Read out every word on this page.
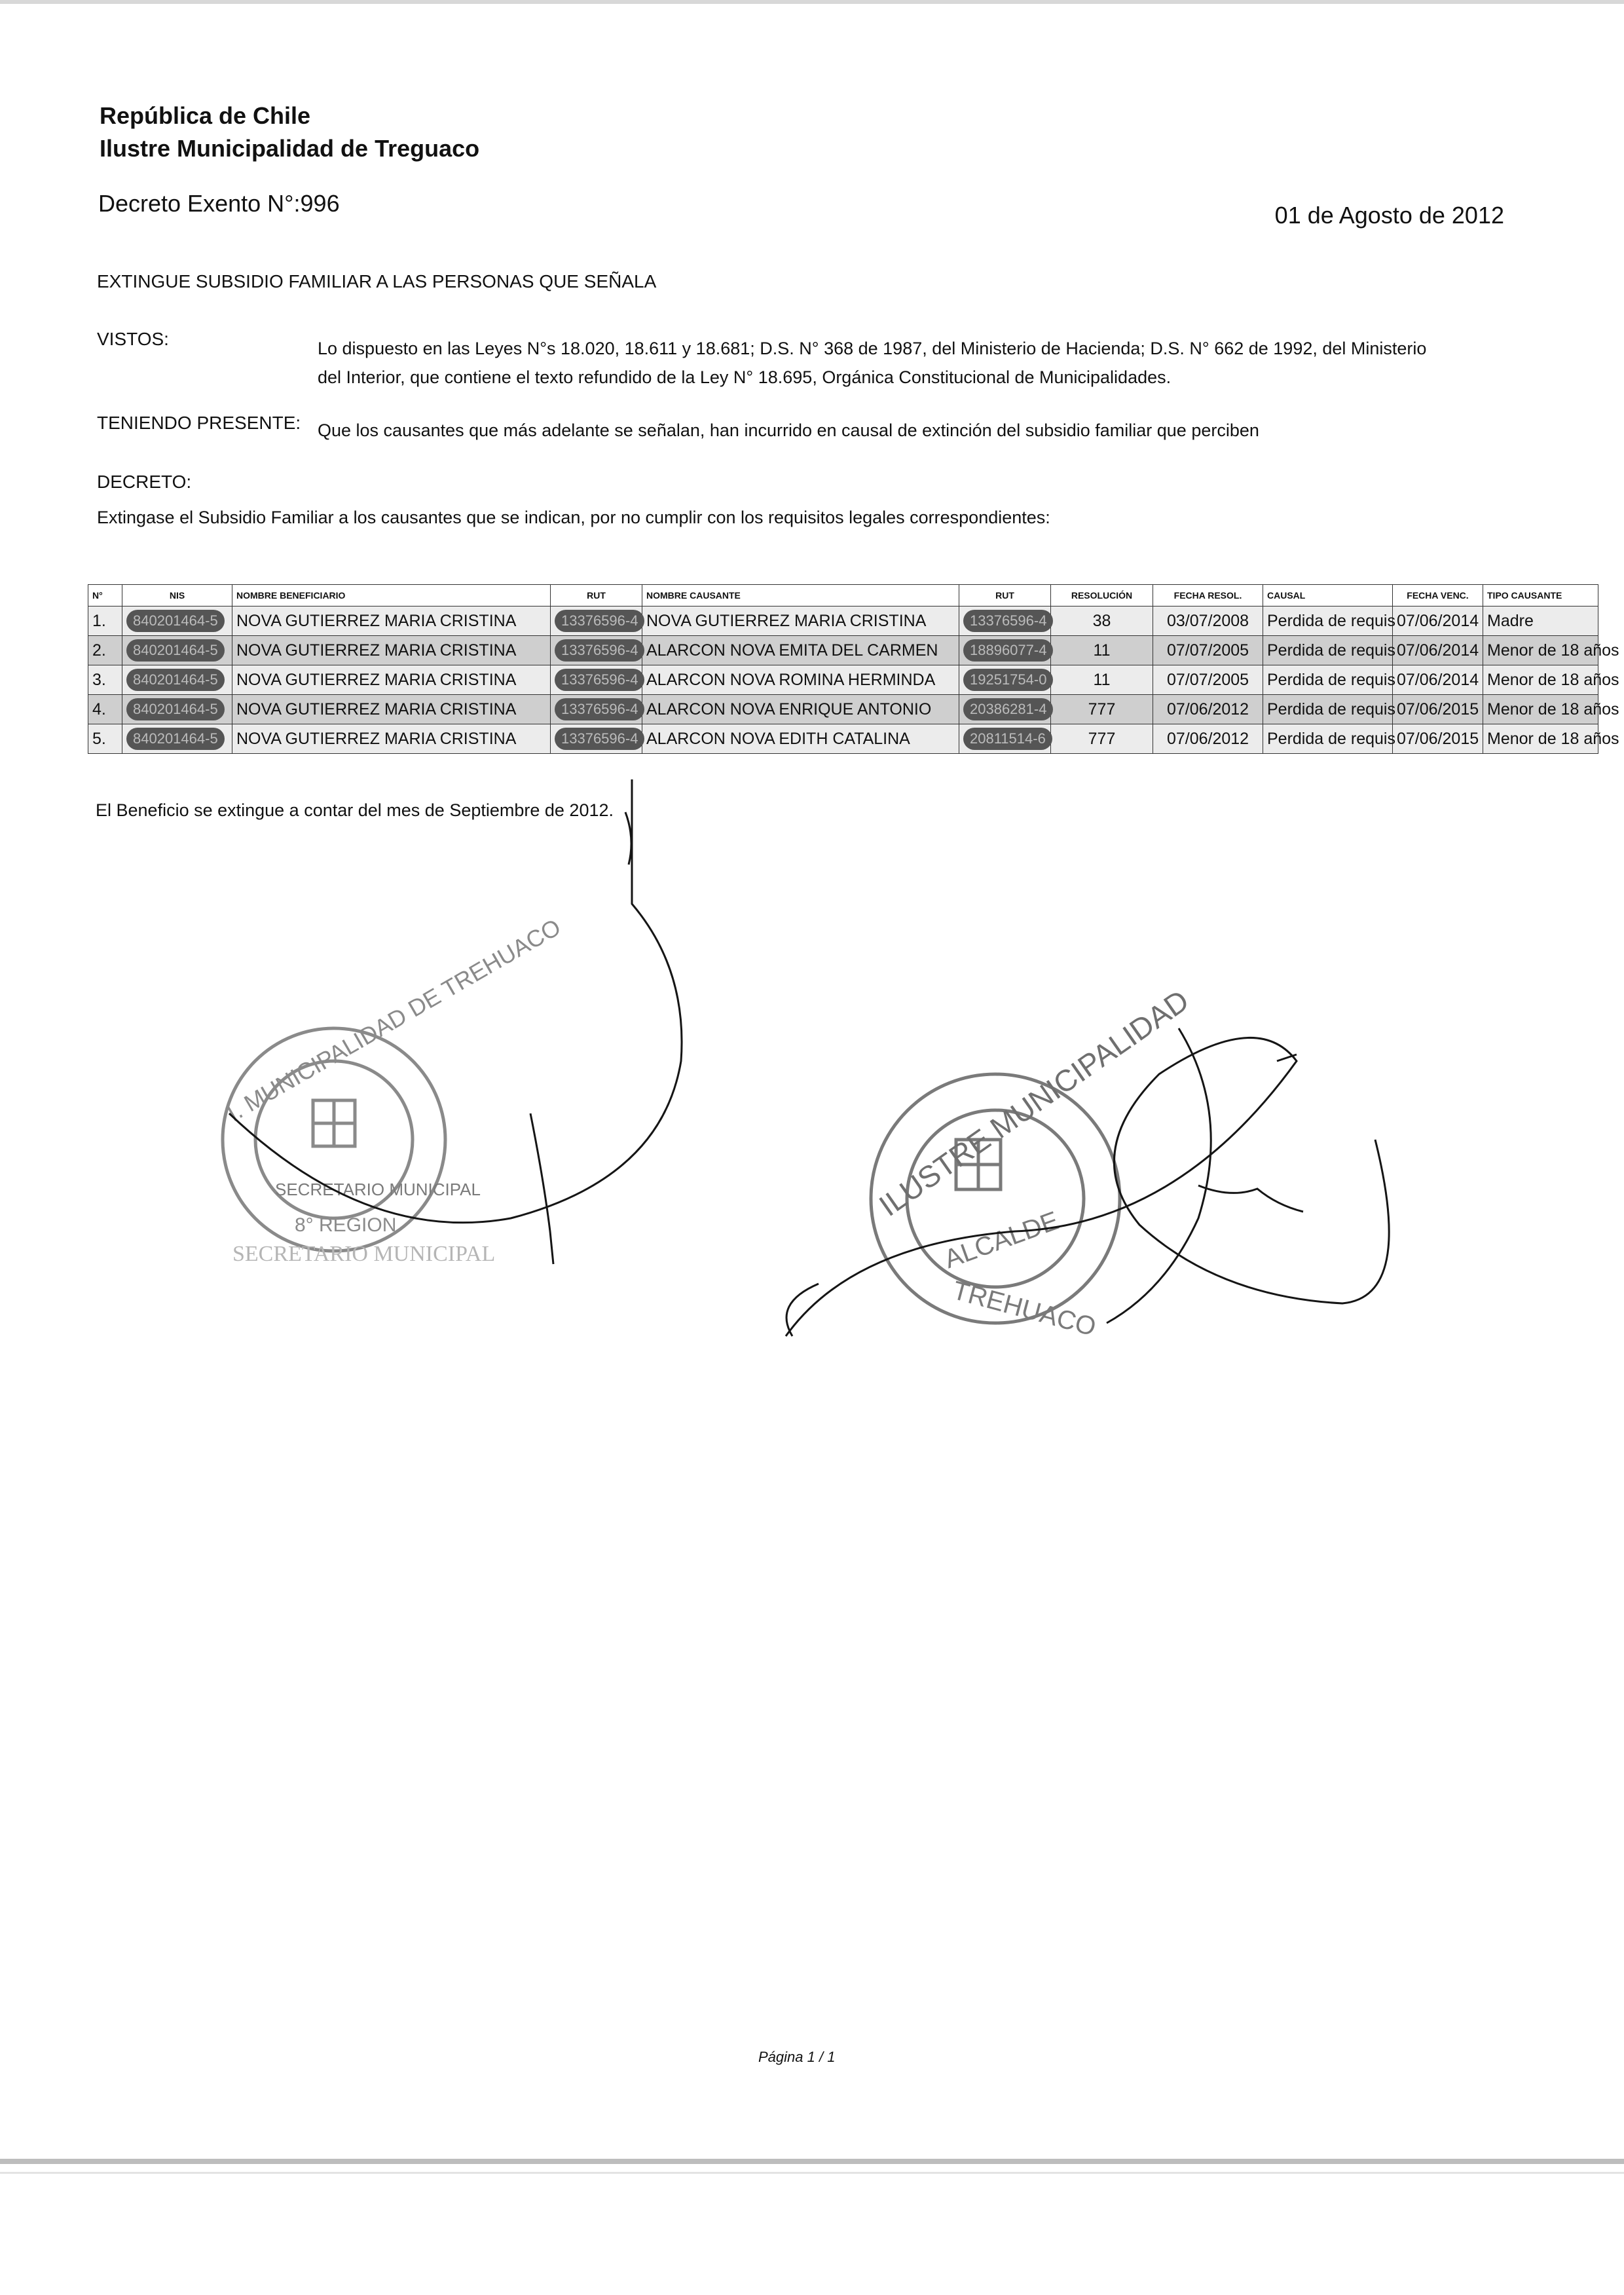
República de Chile
Ilustre Municipalidad de Treguaco
Decreto Exento N°:996	01 de Agosto de 2012
EXTINGUE SUBSIDIO FAMILIAR A LAS PERSONAS QUE SEÑALA
VISTOS:	Lo dispuesto en las Leyes N°s 18.020, 18.611 y 18.681; D.S. N° 368 de 1987, del Ministerio de Hacienda; D.S. N° 662 de 1992, del Ministerio del Interior, que contiene el texto refundido de la Ley N° 18.695, Orgánica Constitucional de Municipalidades.
TENIENDO PRESENTE: Que los causantes que más adelante se señalan, han incurrido en causal de extinción del subsidio familiar que perciben
DECRETO:
Extingase el Subsidio Familiar a los causantes que se indican, por no cumplir con los requisitos legales correspondientes:
N°	NIS	NOMBRE BENEFICIARIO	RUT	NOMBRE CAUSANTE	RUT	RESOLUCIÓN	FECHA RESOL.	CAUSAL	FECHA VENC.	TIPO CAUSANTE
1.	840201464-5	NOVA GUTIERREZ MARIA CRISTINA	13376596-4	NOVA GUTIERREZ MARIA CRISTINA	13376596-4	38	03/07/2008	Perdida de requis	07/06/2014	Madre
2.	840201464-5	NOVA GUTIERREZ MARIA CRISTINA	13376596-4	ALARCON NOVA EMITA DEL CARMEN	18896077-4	11	07/07/2005	Perdida de requis	07/06/2014	Menor de 18 años
3.	840201464-5	NOVA GUTIERREZ MARIA CRISTINA	13376596-4	ALARCON NOVA ROMINA HERMINDA	19251754-0	11	07/07/2005	Perdida de requis	07/06/2014	Menor de 18 años
4.	840201464-5	NOVA GUTIERREZ MARIA CRISTINA	13376596-4	ALARCON NOVA ENRIQUE ANTONIO	20386281-4	777	07/06/2012	Perdida de requis	07/06/2015	Menor de 18 años
5.	840201464-5	NOVA GUTIERREZ MARIA CRISTINA	13376596-4	ALARCON NOVA EDITH CATALINA	20811514-6	777	07/06/2012	Perdida de requis	07/06/2015	Menor de 18 años
El Beneficio se extingue a contar del mes de Septiembre de 2012.
I. MUNICIPALIDAD DE TREHUACO
SECRETARIO MUNICIPAL
8° REGION
SECRETARIO MUNICIPAL
ILUSTRE MUNICIPALIDAD
ALCALDE
TREHUACO
Página 1 / 1
